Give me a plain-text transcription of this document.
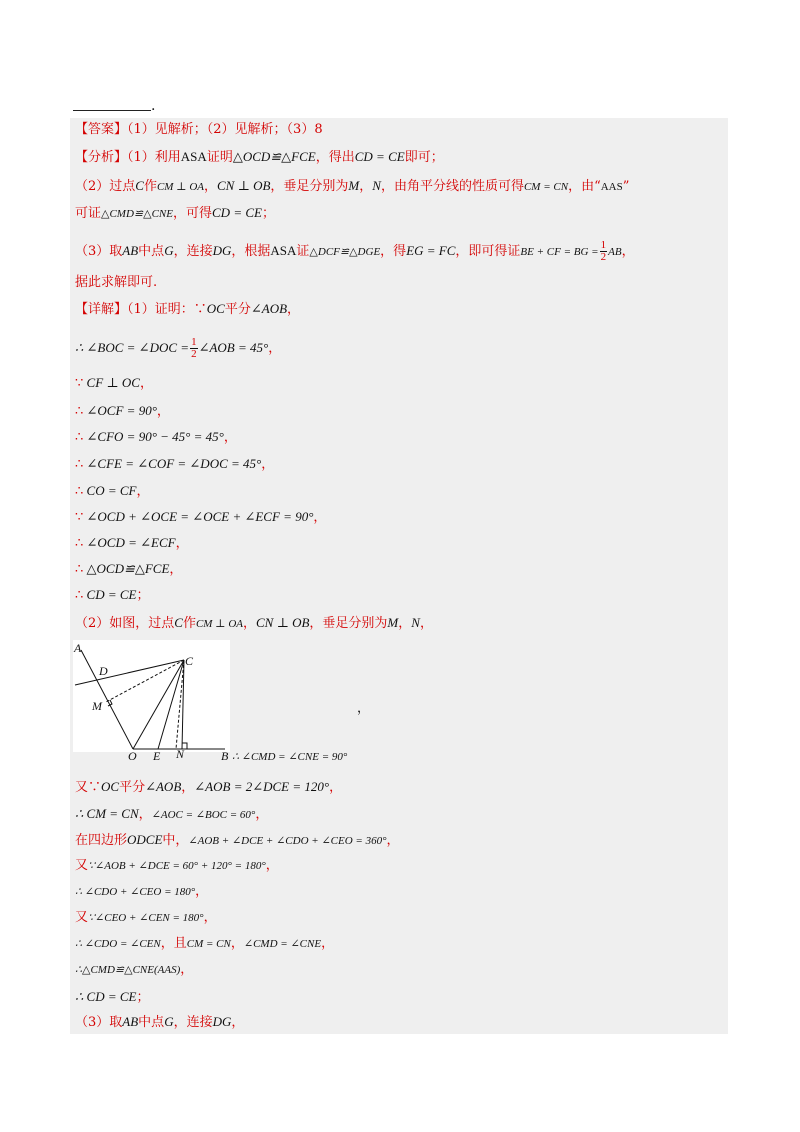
.
【答案】（1）见解析；（2）见解析；（3）8
【分析】（1）利用ASA证明△OCD≌△FCE，得出CD = CE即可；
（2）过点C作CM ⊥ OA，CN ⊥ OB，垂足分别为M，N，由角平分线的性质可得CM = CN，由“AAS”
可证△CMD≌△CNE，可得CD = CE；
（3）取AB中点G，连接DG，根据ASA证△DCF≌△DGE，得EG = FC，即可得证BE + CF = BG = $\frac{1}{2}$ AB，
据此求解即可.
【详解】（1）证明：∵OC平分∠AOB，
∴ ∠BOC = ∠DOC = $\frac{1}{2}$ ∠AOB = 45°，
∵ CF ⊥ OC，
∴ ∠OCF = 90°，
∴ ∠CFO = 90° − 45° = 45°，
∴ ∠CFE = ∠COF = ∠DOC = 45°，
∴ CO = CF，
∵ ∠OCD + ∠OCE = ∠OCE + ∠ECF = 90°，
∴ ∠OCD = ∠ECF，
∴ △OCD≌△FCE，
∴ CD = CE；
（2）如图，过点C作CM ⊥ OA，CN ⊥ OB，垂足分别为M，N，
A
D
C
M
O E N	B
，
∴ ∠CMD = ∠CNE = 90°
又∵OC平分∠AOB，∠AOB = 2∠DCE = 120°，
∴ CM = CN，∠AOC = ∠BOC = 60°，
在四边形ODCE中，∠AOB + ∠DCE + ∠CDO + ∠CEO = 360°，
又∵∠AOB + ∠DCE = 60° + 120° = 180°，
∴ ∠CDO + ∠CEO = 180°，
又∵∠CEO + ∠CEN = 180°，
∴ ∠CDO = ∠CEN，且CM = CN，∠CMD = ∠CNE，
∴△CMD≌△CNE(AAS)，
∴ CD = CE；
（3）取AB中点G，连接DG，
